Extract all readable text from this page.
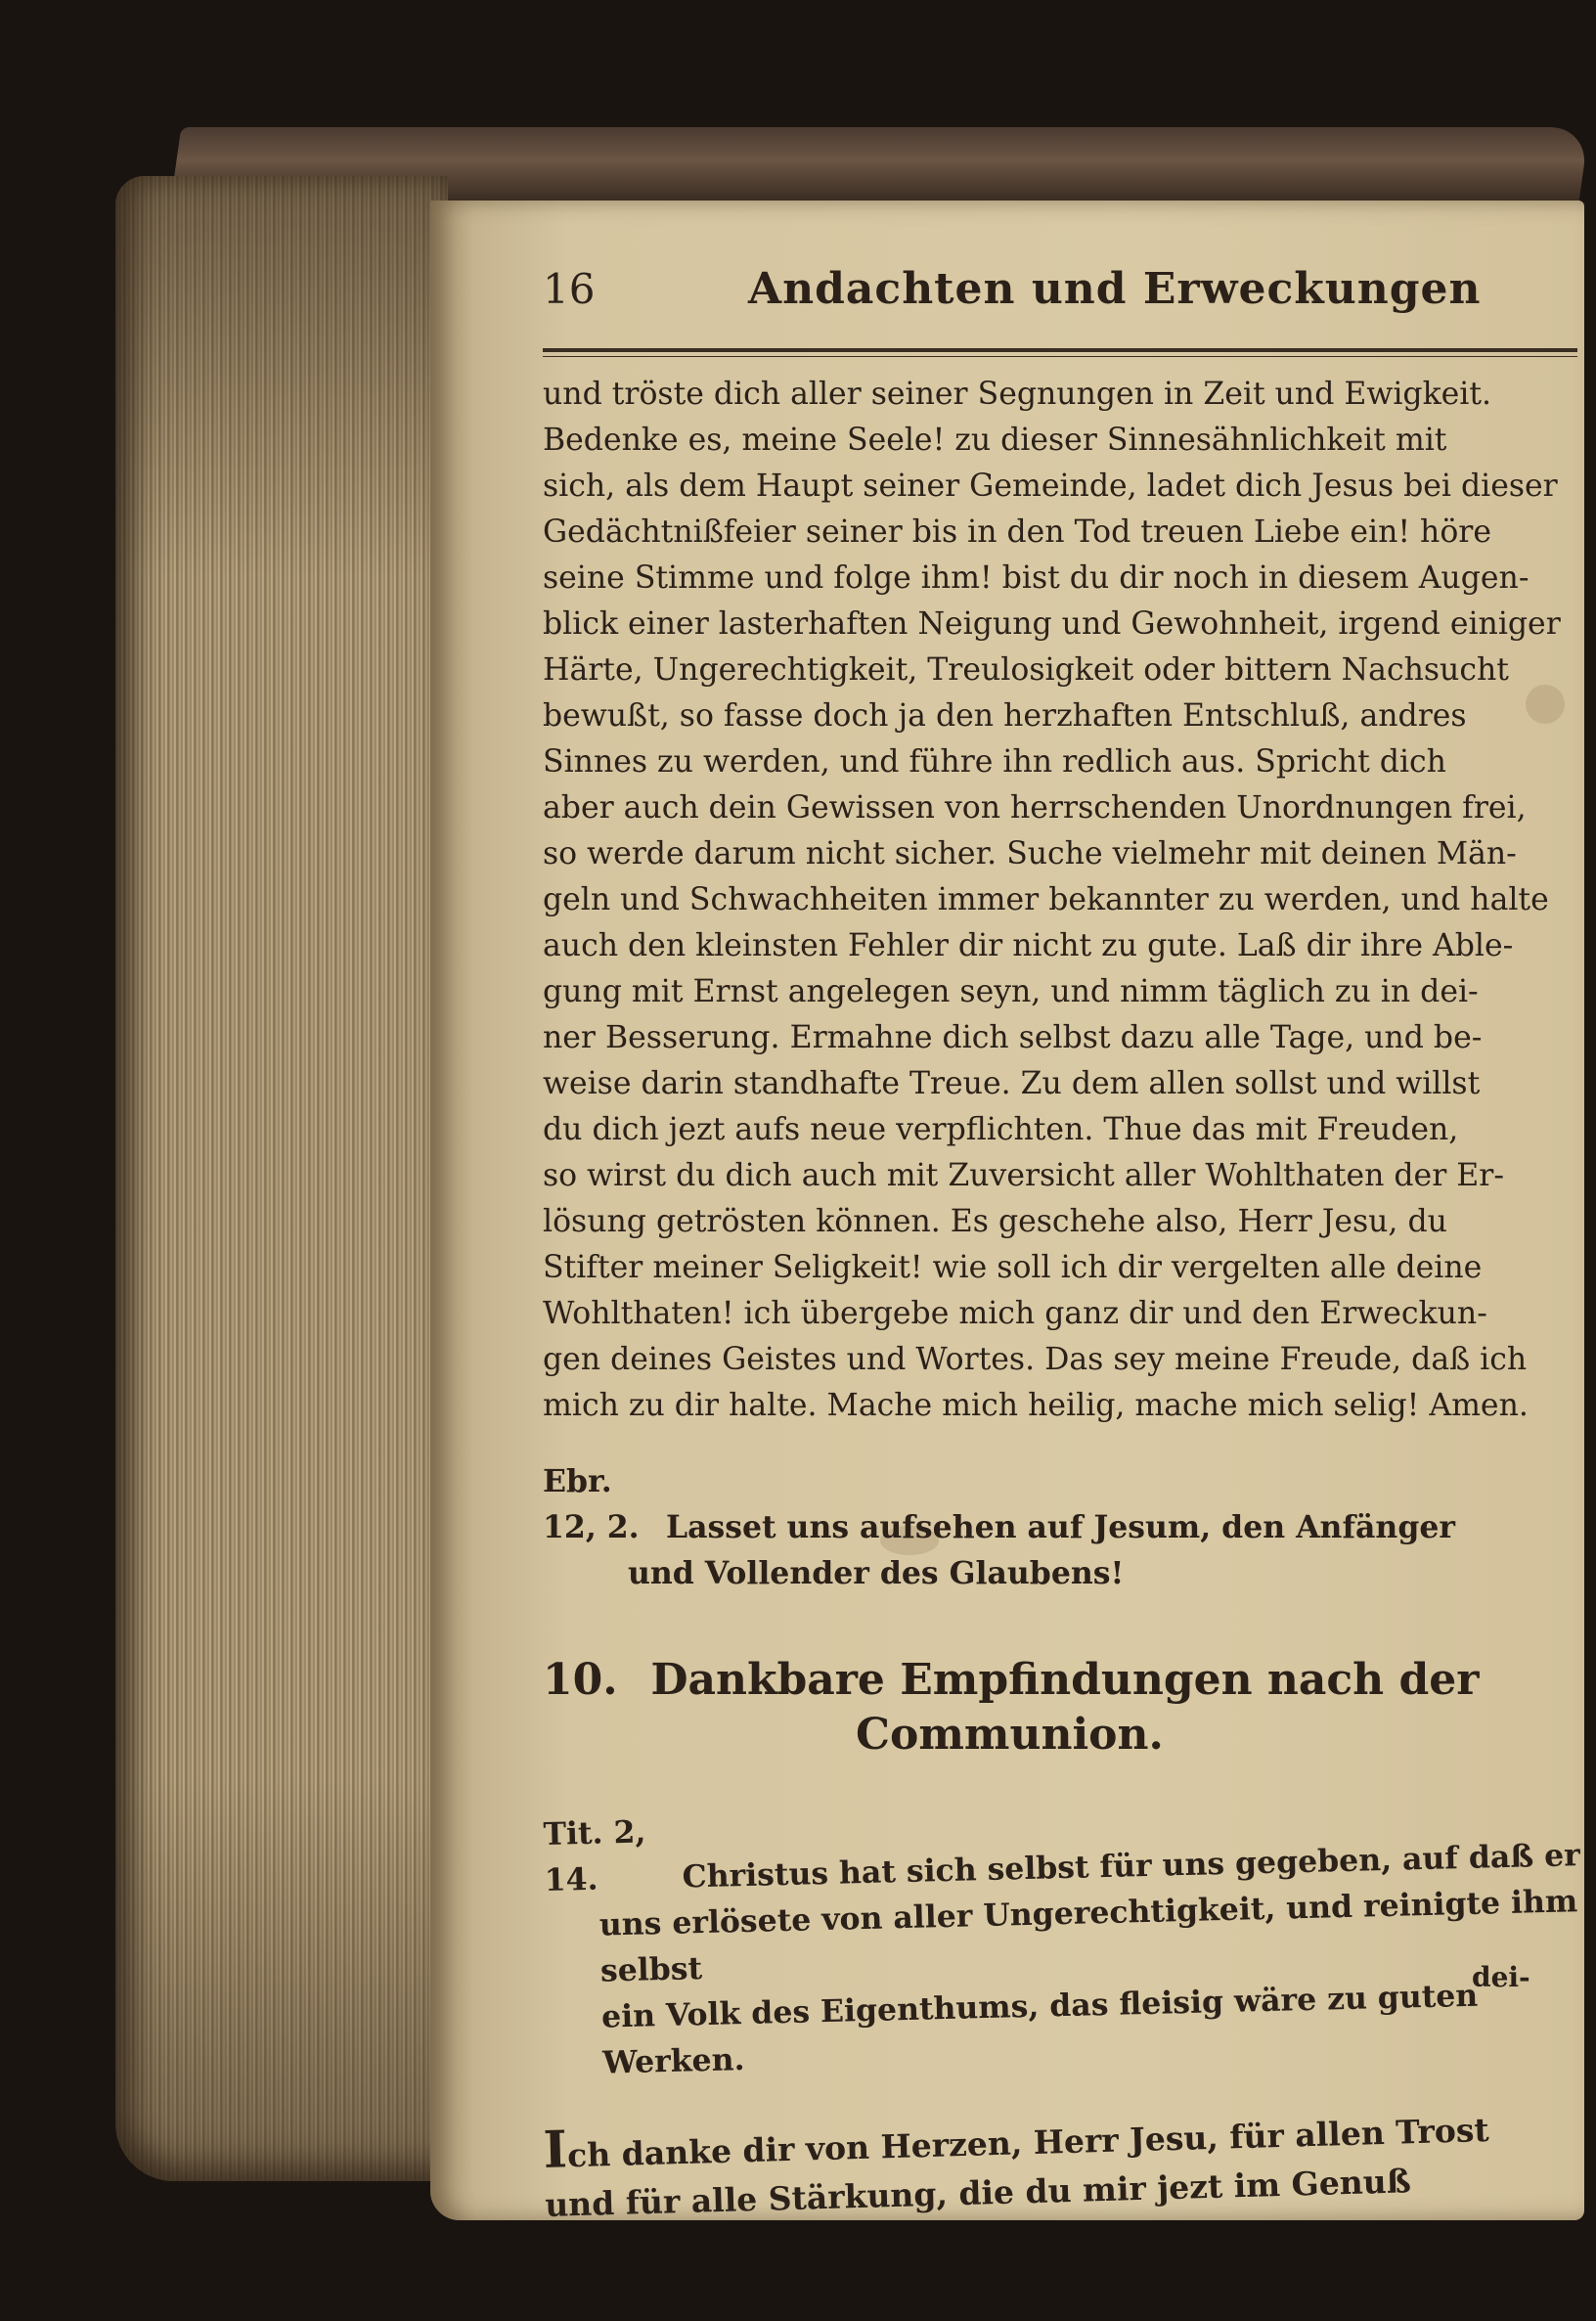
16	Andachten und Erweckungen
und tröste dich aller seiner Segnungen in Zeit und Ewigkeit.
Bedenke es, meine Seele! zu dieser Sinnesähnlichkeit mit
sich, als dem Haupt seiner Gemeinde, ladet dich Jesus bei dieser
Gedächtnißfeier seiner bis in den Tod treuen Liebe ein! höre
seine Stimme und folge ihm! bist du dir noch in diesem Augen-
blick einer lasterhaften Neigung und Gewohnheit, irgend einiger
Härte, Ungerechtigkeit, Treulosigkeit oder bittern Nachsucht
bewußt, so fasse doch ja den herzhaften Entschluß, andres
Sinnes zu werden, und führe ihn redlich aus. Spricht dich
aber auch dein Gewissen von herrschenden Unordnungen frei,
so werde darum nicht sicher. Suche vielmehr mit deinen Män-
geln und Schwachheiten immer bekannter zu werden, und halte
auch den kleinsten Fehler dir nicht zu gute. Laß dir ihre Able-
gung mit Ernst angelegen seyn, und nimm täglich zu in dei-
ner Besserung. Ermahne dich selbst dazu alle Tage, und be-
weise darin standhafte Treue. Zu dem allen sollst und willst
du dich jezt aufs neue verpflichten. Thue das mit Freuden,
so wirst du dich auch mit Zuversicht aller Wohlthaten der Er-
lösung getrösten können. Es geschehe also, Herr Jesu, du
Stifter meiner Seligkeit! wie soll ich dir vergelten alle deine
Wohlthaten! ich übergebe mich ganz dir und den Erweckun-
gen deines Geistes und Wortes. Das sey meine Freude, daß ich
mich zu dir halte. Mache mich heilig, mache mich selig! Amen.
Ebr. 12, 2. Lasset uns aufsehen auf Jesum, den Anfänger
und Vollender des Glaubens!
10. Dankbare Empfindungen nach der
Communion.
Tit. 2, 14.	Christus hat sich selbst für uns gegeben, auf daß er
uns erlösete von aller Ungerechtigkeit, und reinigte ihm selbst
ein Volk des Eigenthums, das fleisig wäre zu guten Werken.
Ich danke dir von Herzen, Herr Jesu, für allen Trost
und für alle Stärkung, die du mir jezt im Genuß
dei-
